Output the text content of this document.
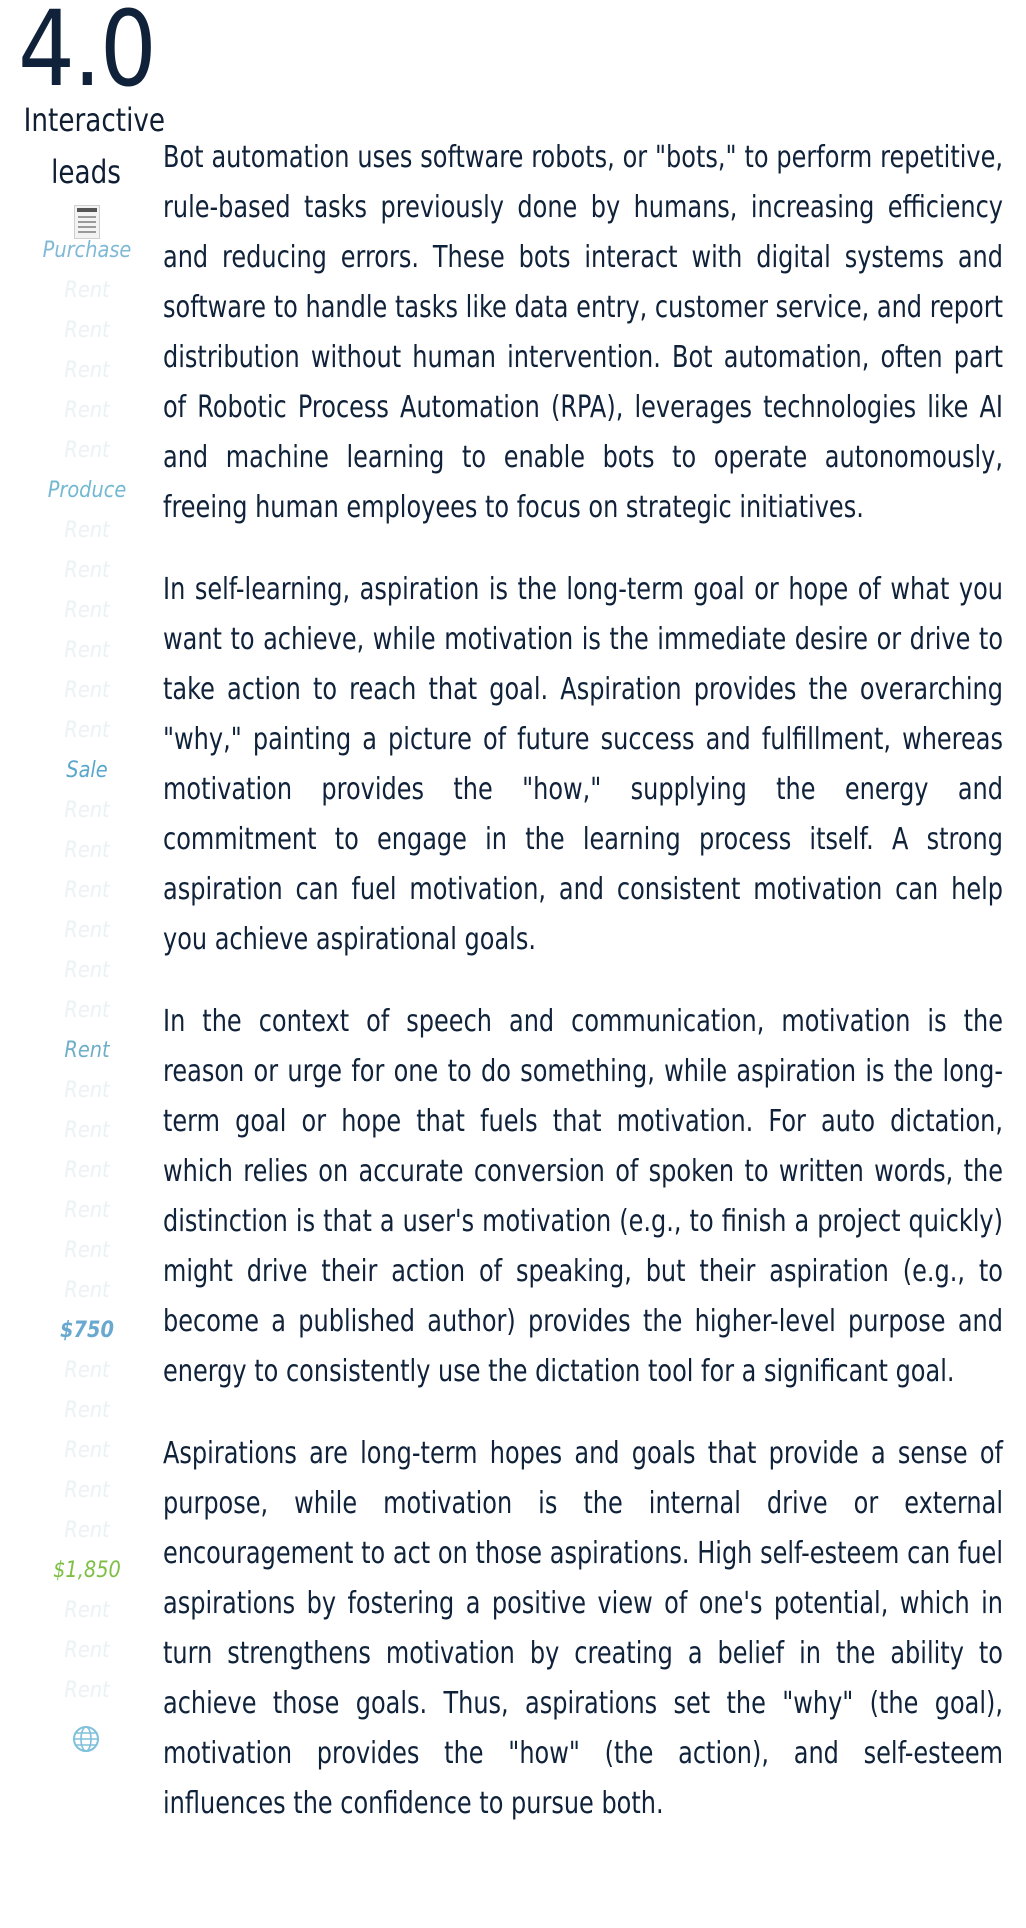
4.0
Interactive
leads
Purchase
Rent
Rent
Rent
Rent
Rent
Produce
Rent
Rent
Rent
Rent
Rent
Rent
Sale
Rent
Rent
Rent
Rent
Rent
Rent
Rent
Rent
Rent
Rent
Rent
Rent
Rent
$750
Rent
Rent
Rent
Rent
Rent
$1,850
Rent
Rent
Rent

Bot automation uses software robots, or "bots," to perform repetitive, rule-based tasks previously done by humans, increasing efficiency and reducing errors. These bots interact with digital systems and software to handle tasks like data entry, customer service, and report distribution without human intervention. Bot automation, often part of Robotic Process Automation (RPA), leverages technologies like AI and machine learning to enable bots to operate autonomously, freeing human employees to focus on strategic initiatives.

In self-learning, aspiration is the long-term goal or hope of what you want to achieve, while motivation is the immediate desire or drive to take action to reach that goal. Aspiration provides the overarching "why," painting a picture of future success and fulfillment, whereas motivation provides the "how," supplying the energy and commitment to engage in the learning process itself. A strong aspiration can fuel motivation, and consistent motivation can help you achieve aspirational goals.

In the context of speech and communication, motivation is the reason or urge for one to do something, while aspiration is the long-term goal or hope that fuels that motivation. For auto dictation, which relies on accurate conversion of spoken to written words, the distinction is that a user's motivation (e.g., to finish a project quickly) might drive their action of speaking, but their aspiration (e.g., to become a published author) provides the higher-level purpose and energy to consistently use the dictation tool for a significant goal.

Aspirations are long-term hopes and goals that provide a sense of purpose, while motivation is the internal drive or external encouragement to act on those aspirations. High self-esteem can fuel aspirations by fostering a positive view of one's potential, which in turn strengthens motivation by creating a belief in the ability to achieve those goals. Thus, aspirations set the "why" (the goal), motivation provides the "how" (the action), and self-esteem influences the confidence to pursue both.
